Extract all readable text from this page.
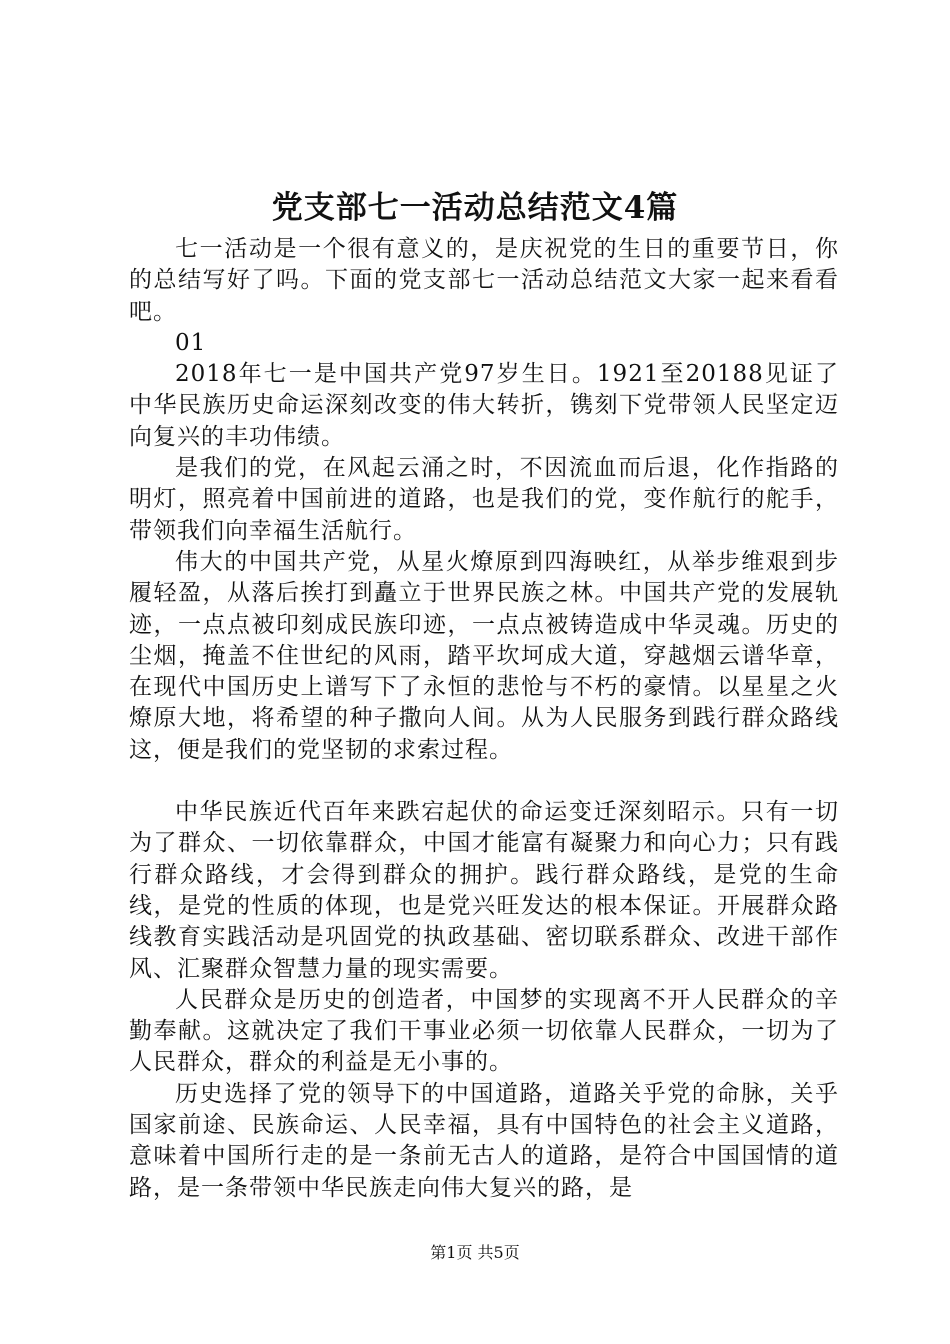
党支部七一活动总结范文4篇

七一活动是一个很有意义的，是庆祝党的生日的重要节日，你的总结写好了吗。下面的党支部七一活动总结范文大家一起来看看吧。

01

2018年七一是中国共产党97岁生日。1921至20188见证了中华民族历史命运深刻改变的伟大转折，镌刻下党带领人民坚定迈向复兴的丰功伟绩。

是我们的党，在风起云涌之时，不因流血而后退，化作指路的明灯，照亮着中国前进的道路，也是我们的党，变作航行的舵手，带领我们向幸福生活航行。

伟大的中国共产党，从星火燎原到四海映红，从举步维艰到步履轻盈，从落后挨打到矗立于世界民族之林。中国共产党的发展轨迹，一点点被印刻成民族印迹，一点点被铸造成中华灵魂。历史的尘烟，掩盖不住世纪的风雨，踏平坎坷成大道，穿越烟云谱华章，在现代中国历史上谱写下了永恒的悲怆与不朽的豪情。以星星之火燎原大地，将希望的种子撒向人间。从为人民服务到践行群众路线这，便是我们的党坚韧的求索过程。

中华民族近代百年来跌宕起伏的命运变迁深刻昭示。只有一切为了群众、一切依靠群众，中国才能富有凝聚力和向心力；只有践行群众路线，才会得到群众的拥护。践行群众路线，是党的生命线，是党的性质的体现，也是党兴旺发达的根本保证。开展群众路线教育实践活动是巩固党的执政基础、密切联系群众、改进干部作风、汇聚群众智慧力量的现实需要。

人民群众是历史的创造者，中国梦的实现离不开人民群众的辛勤奉献。这就决定了我们干事业必须一切依靠人民群众，一切为了人民群众，群众的利益是无小事的。

历史选择了党的领导下的中国道路，道路关乎党的命脉，关乎国家前途、民族命运、人民幸福，具有中国特色的社会主义道路，意味着中国所行走的是一条前无古人的道路，是符合中国国情的道路，是一条带领中华民族走向伟大复兴的路，是

第1页 共5页
